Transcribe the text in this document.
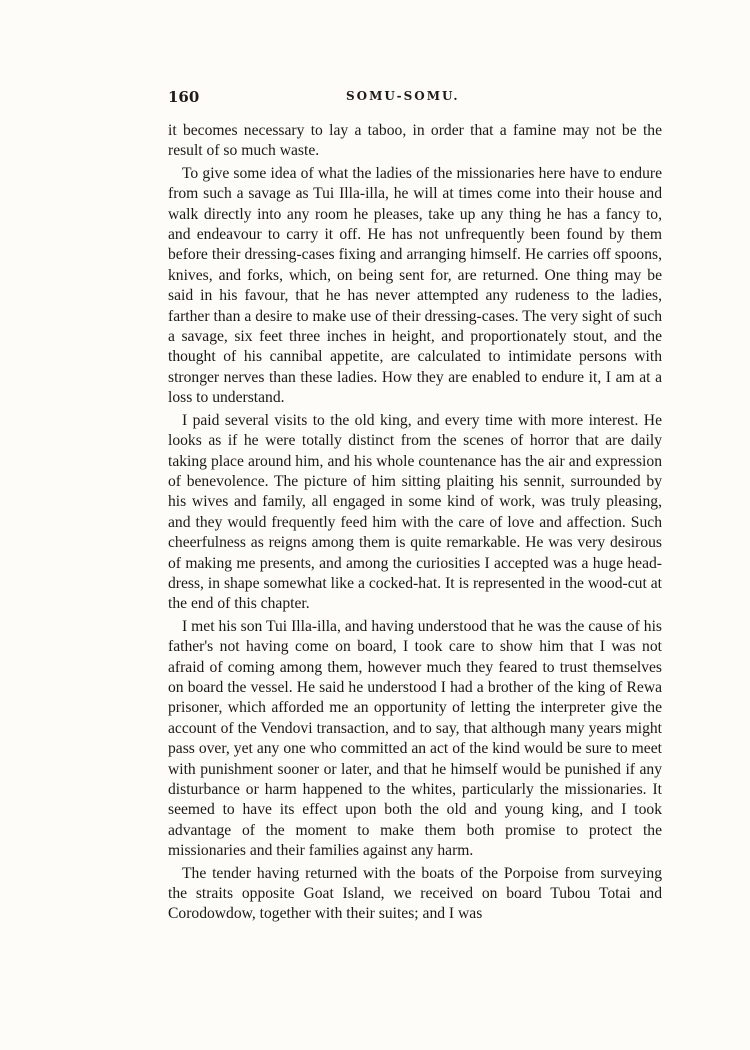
160	SOMU-SOMU.

it becomes necessary to lay a taboo, in order that a famine may not be the result of so much waste.

To give some idea of what the ladies of the missionaries here have to endure from such a savage as Tui Illa-illa, he will at times come into their house and walk directly into any room he pleases, take up any thing he has a fancy to, and endeavour to carry it off. He has not unfrequently been found by them before their dressing-cases fixing and arranging himself. He carries off spoons, knives, and forks, which, on being sent for, are returned. One thing may be said in his favour, that he has never attempted any rudeness to the ladies, farther than a desire to make use of their dressing-cases. The very sight of such a savage, six feet three inches in height, and proportionately stout, and the thought of his cannibal appetite, are calculated to intimidate persons with stronger nerves than these ladies. How they are enabled to endure it, I am at a loss to understand.

I paid several visits to the old king, and every time with more interest. He looks as if he were totally distinct from the scenes of horror that are daily taking place around him, and his whole countenance has the air and expression of benevolence. The picture of him sitting plaiting his sennit, surrounded by his wives and family, all engaged in some kind of work, was truly pleasing, and they would frequently feed him with the care of love and affection. Such cheerfulness as reigns among them is quite remarkable. He was very desirous of making me presents, and among the curiosities I accepted was a huge head-dress, in shape somewhat like a cocked-hat. It is represented in the wood-cut at the end of this chapter.

I met his son Tui Illa-illa, and having understood that he was the cause of his father's not having come on board, I took care to show him that I was not afraid of coming among them, however much they feared to trust themselves on board the vessel. He said he understood I had a brother of the king of Rewa prisoner, which afforded me an opportunity of letting the interpreter give the account of the Vendovi transaction, and to say, that although many years might pass over, yet any one who committed an act of the kind would be sure to meet with punishment sooner or later, and that he himself would be punished if any disturbance or harm happened to the whites, particularly the missionaries. It seemed to have its effect upon both the old and young king, and I took advantage of the moment to make them both promise to protect the missionaries and their families against any harm.

The tender having returned with the boats of the Porpoise from surveying the straits opposite Goat Island, we received on board Tubou Totai and Corodowdow, together with their suites; and I was
